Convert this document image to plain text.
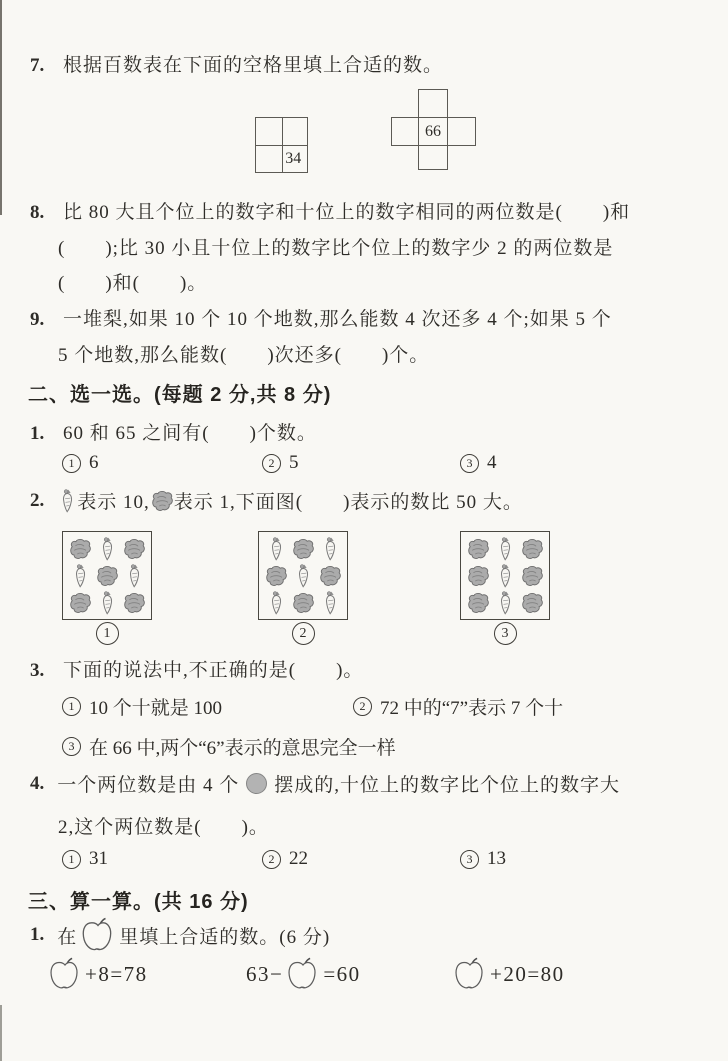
7. 根据百数表在下面的空格里填上合适的数。
34
66
8. 比 80 大且个位上的数字和十位上的数字相同的两位数是(　　)和
(　　);比 30 小且十位上的数字比个位上的数字少 2 的两位数是
(　　)和(　　)。
9. 一堆梨,如果 10 个 10 个地数,那么能数 4 次还多 4 个;如果 5 个
5 个地数,那么能数(　　)次还多(　　)个。
二、选一选。(每题 2 分,共 8 分)
1. 60 和 65 之间有(　　)个数。
1 6	2 5	3 4
2. 表示 10, 表示 1,下面图(　　)表示的数比 50 大。
1	2	3
3. 下面的说法中,不正确的是(　　)。
1 10 个十就是 100	2 72 中的“7”表示 7 个十
3 在 66 中,两个“6”表示的意思完全一样
4. 一个两位数是由 4 个 摆成的,十位上的数字比个位上的数字大
2,这个两位数是(　　)。
1 31	2 22	3 13
三、算一算。(共 16 分)
1. 在 里填上合适的数。(6 分)
+8=78	63− =60	+20=80
